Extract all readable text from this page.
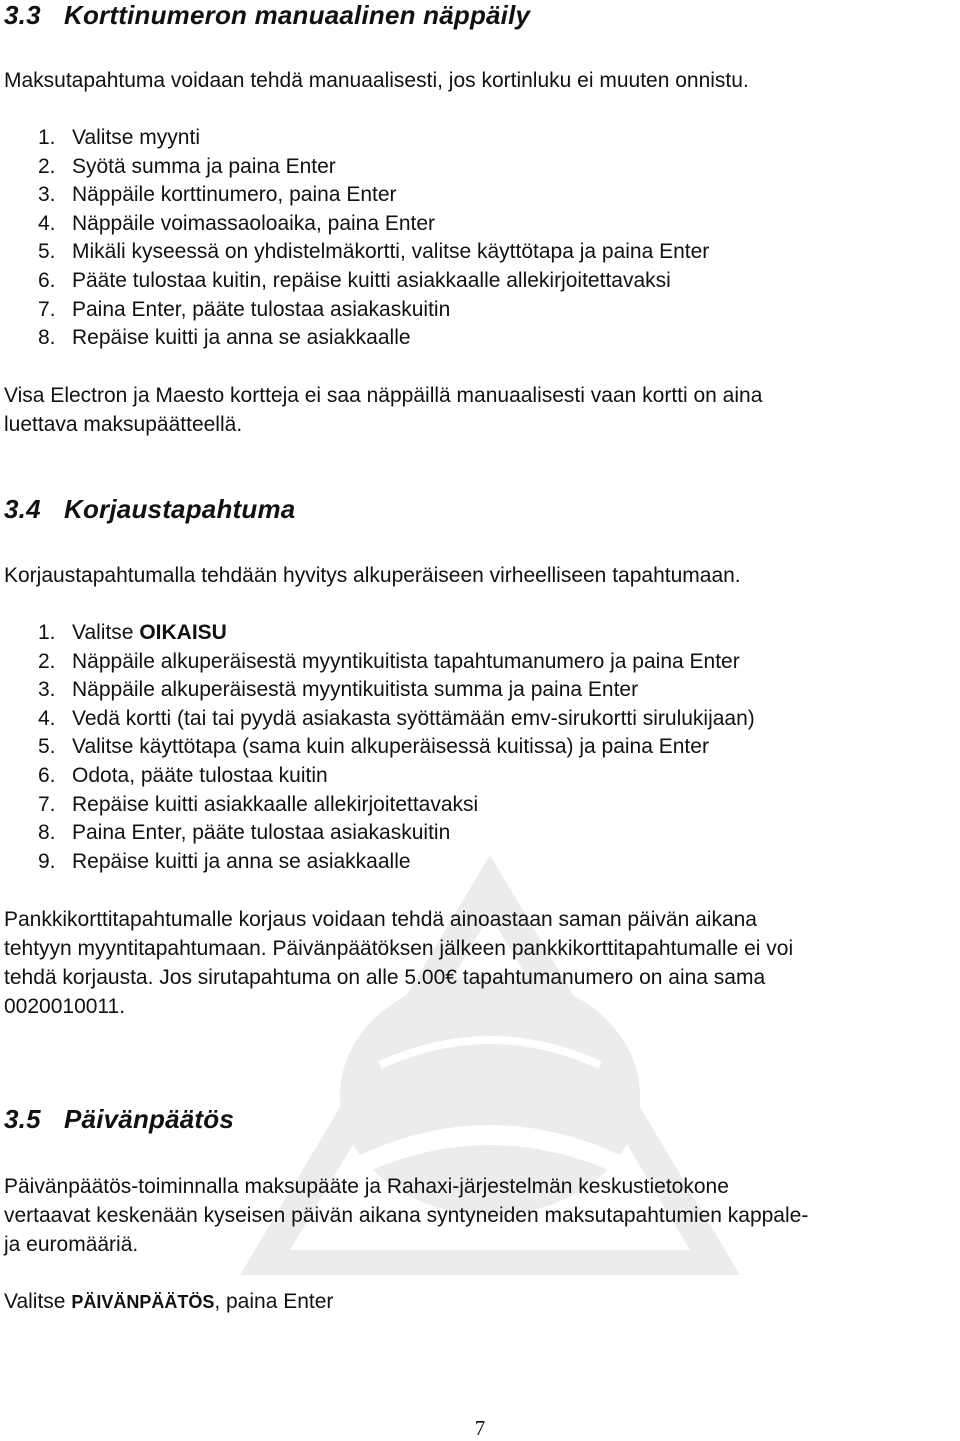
3.3 Korttinumeron manuaalinen näppäily

Maksutapahtuma voidaan tehdä manuaalisesti, jos kortinluku ei muuten onnistu.

1. Valitse myynti
2. Syötä summa ja paina Enter
3. Näppäile korttinumero, paina Enter
4. Näppäile voimassaoloaika, paina Enter
5. Mikäli kyseessä on yhdistelmäkortti, valitse käyttötapa ja paina Enter
6. Pääte tulostaa kuitin, repäise kuitti asiakkaalle allekirjoitettavaksi
7. Paina Enter, pääte tulostaa asiakaskuitin
8. Repäise kuitti ja anna se asiakkaalle

Visa Electron ja Maesto kortteja ei saa näppäillä manuaalisesti vaan kortti on aina

luettava maksupäätteellä.

3.4 Korjaustapahtuma

Korjaustapahtumalla tehdään hyvitys alkuperäiseen virheelliseen tapahtumaan.

1. Valitse OIKAISU
2. Näppäile alkuperäisestä myyntikuitista tapahtumanumero ja paina Enter
3. Näppäile alkuperäisestä myyntikuitista summa ja paina Enter
4. Vedä kortti (tai tai pyydä asiakasta syöttämään emv-sirukortti sirulukijaan)
5. Valitse käyttötapa (sama kuin alkuperäisessä kuitissa) ja paina Enter
6. Odota, pääte tulostaa kuitin
7. Repäise kuitti asiakkaalle allekirjoitettavaksi
8. Paina Enter, pääte tulostaa asiakaskuitin
9. Repäise kuitti ja anna se asiakkaalle

Pankkikorttitapahtumalle korjaus voidaan tehdä ainoastaan saman päivän aikana

tehtyyn myyntitapahtumaan. Päivänpäätöksen jälkeen pankkikorttitapahtumalle ei voi

tehdä korjausta. Jos sirutapahtuma on alle 5.00€ tapahtumanumero on aina sama

0020010011.

3.5 Päivänpäätös

Päivänpäätös-toiminnalla maksupääte ja Rahaxi-järjestelmän keskustietokone

vertaavat keskenään kyseisen päivän aikana syntyneiden maksutapahtumien kappale-

ja euromääriä.

Valitse PÄIVÄNPÄÄTÖS, paina Enter

7
